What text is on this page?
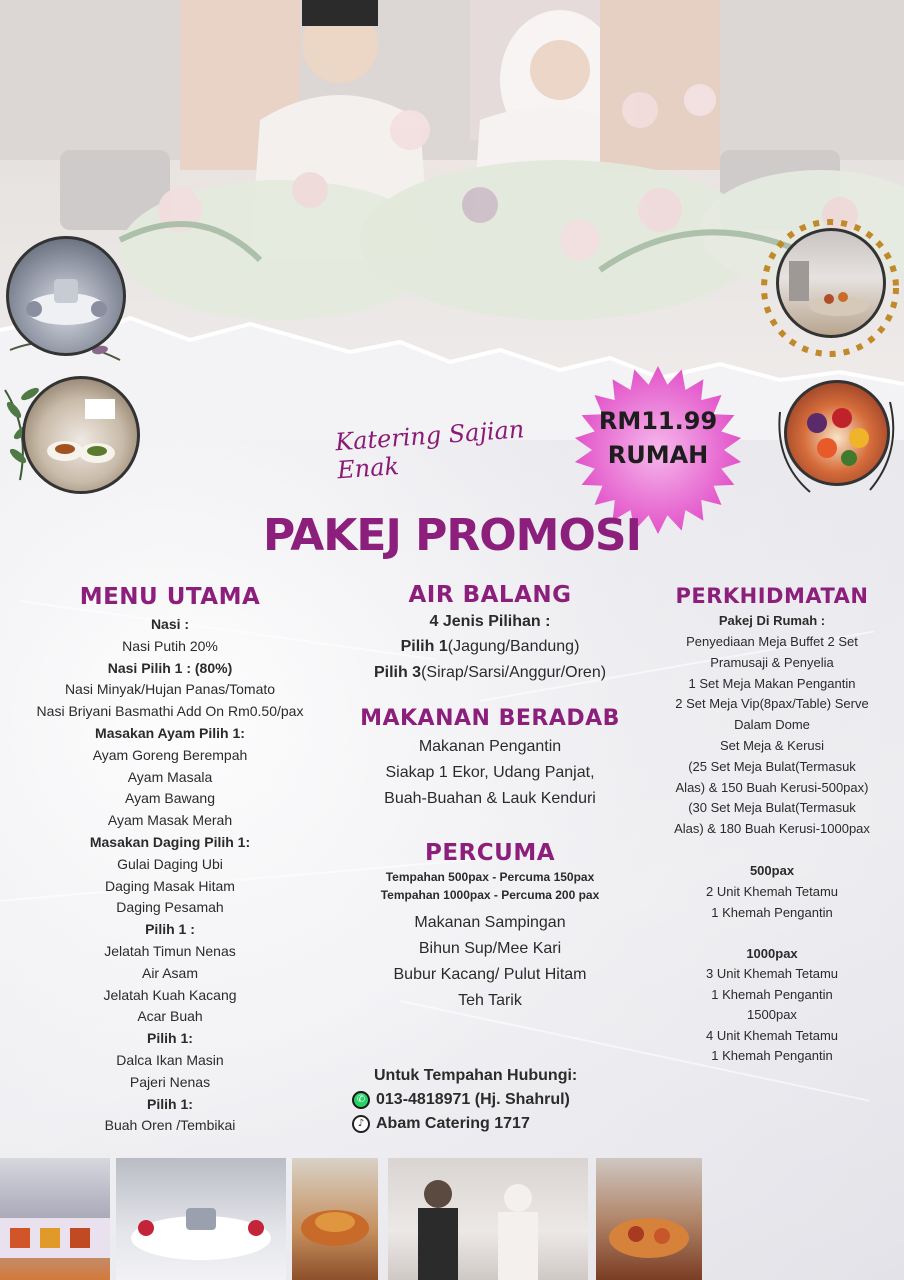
Katering Sajian Enak
RM11.99
RUMAH
PAKEJ PROMOSI
MENU UTAMA

Nasi :

Nasi Putih 20%

Nasi Pilih 1 : (80%)

Nasi Minyak/Hujan Panas/Tomato

Nasi Briyani Basmathi Add On Rm0.50/pax

Masakan Ayam Pilih 1:

Ayam Goreng Berempah

Ayam Masala

Ayam Bawang

Ayam Masak Merah

Masakan Daging Pilih 1:

Gulai Daging Ubi

Daging Masak Hitam

Daging Pesamah

Pilih 1 :

Jelatah Timun Nenas

Air Asam

Jelatah Kuah Kacang

Acar Buah

Pilih 1:

Dalca Ikan Masin

Pajeri Nenas

Pilih 1:

Buah Oren /Tembikai

AIR BALANG

4 Jenis Pilihan :

Pilih 1(Jagung/Bandung)

Pilih 3(Sirap/Sarsi/Anggur/Oren)

MAKANAN BERADAB

Makanan Pengantin

Siakap 1 Ekor, Udang Panjat,

Buah-Buahan & Lauk Kenduri

PERCUMA

Tempahan 500pax - Percuma 150pax

Tempahan 1000pax - Percuma 200 pax

Makanan Sampingan

Bihun Sup/Mee Kari

Bubur Kacang/ Pulut Hitam

Teh Tarik

Untuk Tempahan Hubungi:

✆ 013-4818971 (Hj. Shahrul)
♪ Abam Catering 1717
PERKHIDMATAN

Pakej Di Rumah :

Penyediaan Meja Buffet 2 Set

Pramusaji & Penyelia

1 Set Meja Makan Pengantin

2 Set Meja Vip(8pax/Table) Serve

Dalam Dome

Set Meja & Kerusi

(25 Set Meja Bulat(Termasuk

Alas) & 150 Buah Kerusi-500pax)

(30 Set Meja Bulat(Termasuk

Alas) & 180 Buah Kerusi-1000pax

500pax

2 Unit Khemah Tetamu

1 Khemah Pengantin

1000pax

3 Unit Khemah Tetamu

1 Khemah Pengantin

1500pax

4 Unit Khemah Tetamu

1 Khemah Pengantin
